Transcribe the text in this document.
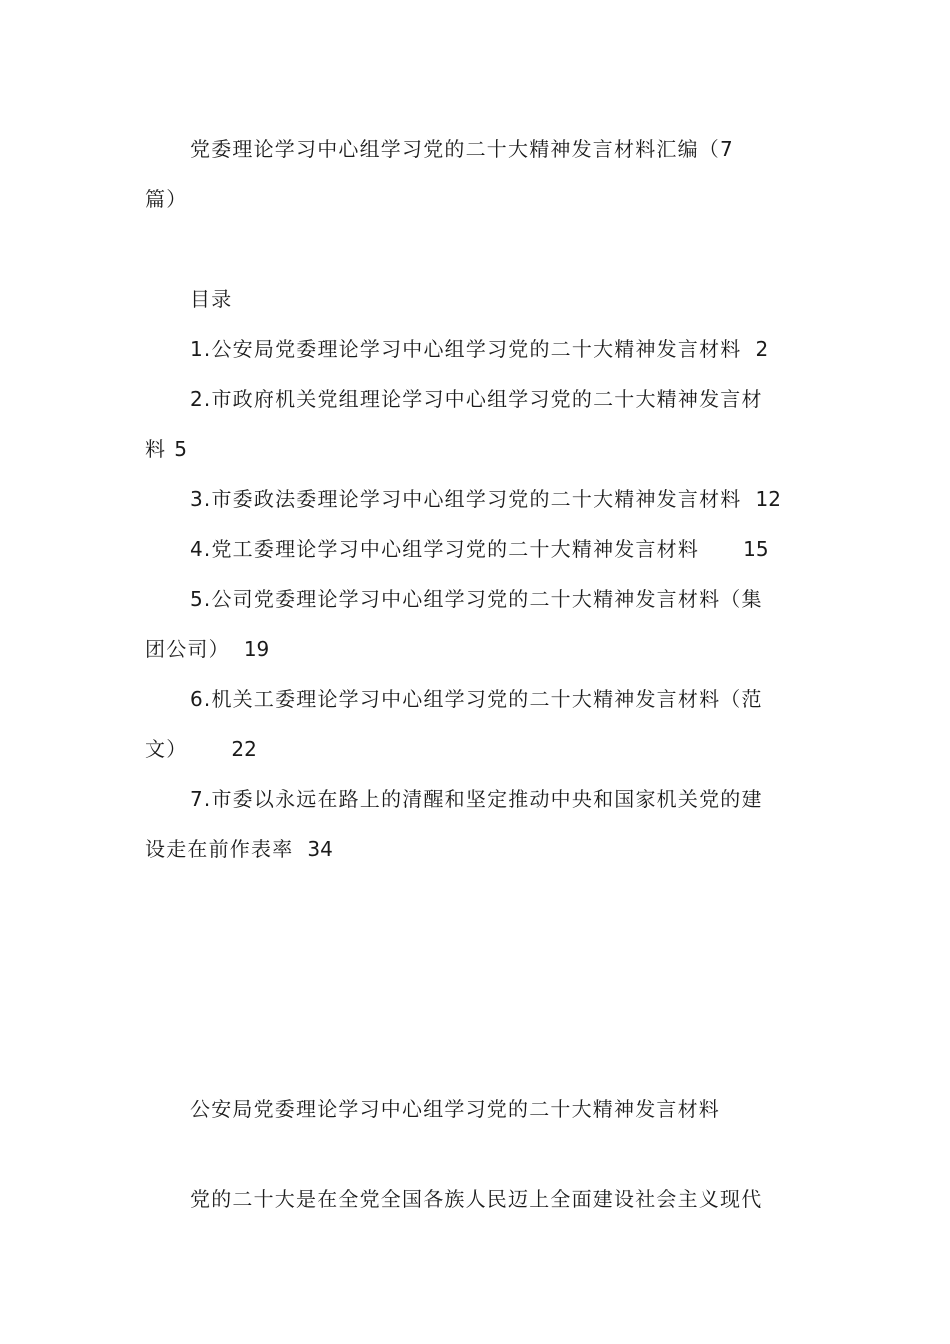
党委理论学习中心组学习党的二十大精神发言材料汇编（7
篇）
目录
1.公安局党委理论学习中心组学习党的二十大精神发言材料 2
2.市政府机关党组理论学习中心组学习党的二十大精神发言材
料 5
3.市委政法委理论学习中心组学习党的二十大精神发言材料 12
4.党工委理论学习中心组学习党的二十大精神发言材料 15
5.公司党委理论学习中心组学习党的二十大精神发言材料（集
团公司） 19
6.机关工委理论学习中心组学习党的二十大精神发言材料（范
文） 22
7.市委以永远在路上的清醒和坚定推动中央和国家机关党的建
设走在前作表率 34
公安局党委理论学习中心组学习党的二十大精神发言材料
党的二十大是在全党全国各族人民迈上全面建设社会主义现代
